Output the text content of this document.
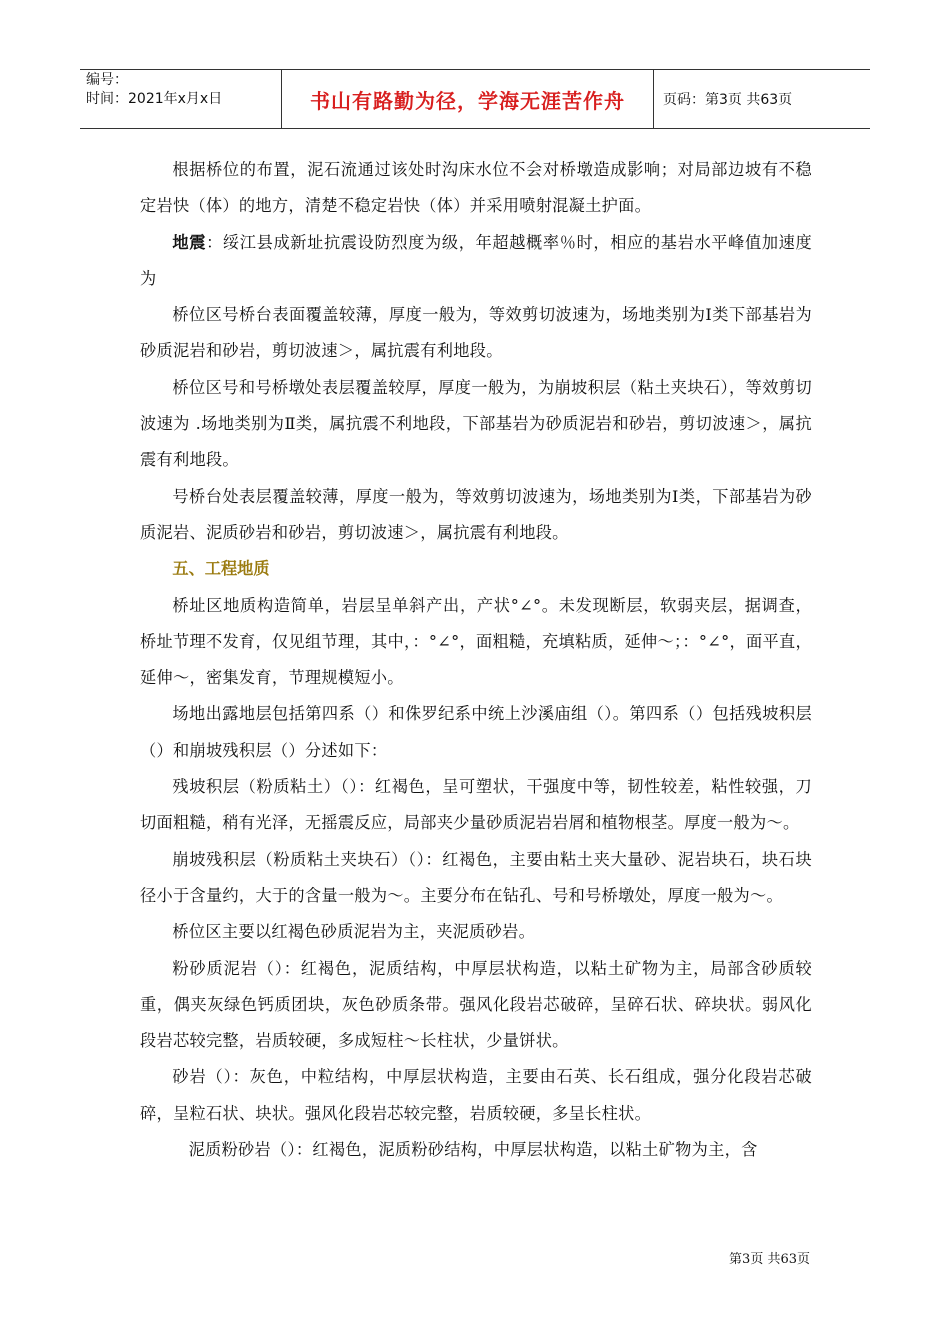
编号：
时间：2021年x月x日	书山有路勤为径，学海无涯苦作舟	页码：第3页 共63页

根据桥位的布置，泥石流通过该处时沟床水位不会对桥墩造成影响；对局部边坡有不稳定岩快（体）的地方，清楚不稳定岩快（体）并采用喷射混凝土护面。

地震：绥江县成新址抗震设防烈度为级，年超越概率％时，相应的基岩水平峰值加速度为

桥位区号桥台表面覆盖较薄，厚度一般为，等效剪切波速为，场地类别为Ⅰ类下部基岩为砂质泥岩和砂岩，剪切波速＞，属抗震有利地段。

桥位区号和号桥墩处表层覆盖较厚，厚度一般为，为崩坡积层（粘土夹块石），等效剪切波速为 .场地类别为Ⅱ类，属抗震不利地段，下部基岩为砂质泥岩和砂岩，剪切波速＞，属抗震有利地段。

号桥台处表层覆盖较薄，厚度一般为，等效剪切波速为，场地类别为Ⅰ类，下部基岩为砂质泥岩、泥质砂岩和砂岩，剪切波速＞，属抗震有利地段。

五、工程地质

桥址区地质构造简单，岩层呈单斜产出，产状°∠°。未发现断层，软弱夹层，据调查，桥址节理不发育，仅见组节理，其中，：°∠°，面粗糙，充填粘质，延伸～；：°∠°，面平直，延伸～，密集发育，节理规模短小。

场地出露地层包括第四系（）和侏罗纪系中统上沙溪庙组（）。第四系（）包括残坡积层（）和崩坡残积层（）分述如下：

残坡积层（粉质粘土）（）：红褐色，呈可塑状，干强度中等，韧性较差，粘性较强，刀切面粗糙，稍有光泽，无摇震反应，局部夹少量砂质泥岩岩屑和植物根茎。厚度一般为～。

崩坡残积层（粉质粘土夹块石）（）：红褐色，主要由粘土夹大量砂、泥岩块石，块石块径小于含量约，大于的含量一般为～。主要分布在钻孔、号和号桥墩处，厚度一般为～。

桥位区主要以红褐色砂质泥岩为主，夹泥质砂岩。

粉砂质泥岩（）：红褐色，泥质结构，中厚层状构造，以粘土矿物为主，局部含砂质较重，偶夹灰绿色钙质团块，灰色砂质条带。强风化段岩芯破碎，呈碎石状、碎块状。弱风化段岩芯较完整，岩质较硬，多成短柱～长柱状，少量饼状。

砂岩（）：灰色，中粒结构，中厚层状构造，主要由石英、长石组成，强分化段岩芯破碎，呈粒石状、块状。强风化段岩芯较完整，岩质较硬，多呈长柱状。

泥质粉砂岩（）：红褐色，泥质粉砂结构，中厚层状构造，以粘土矿物为主，含

第3页 共63页
